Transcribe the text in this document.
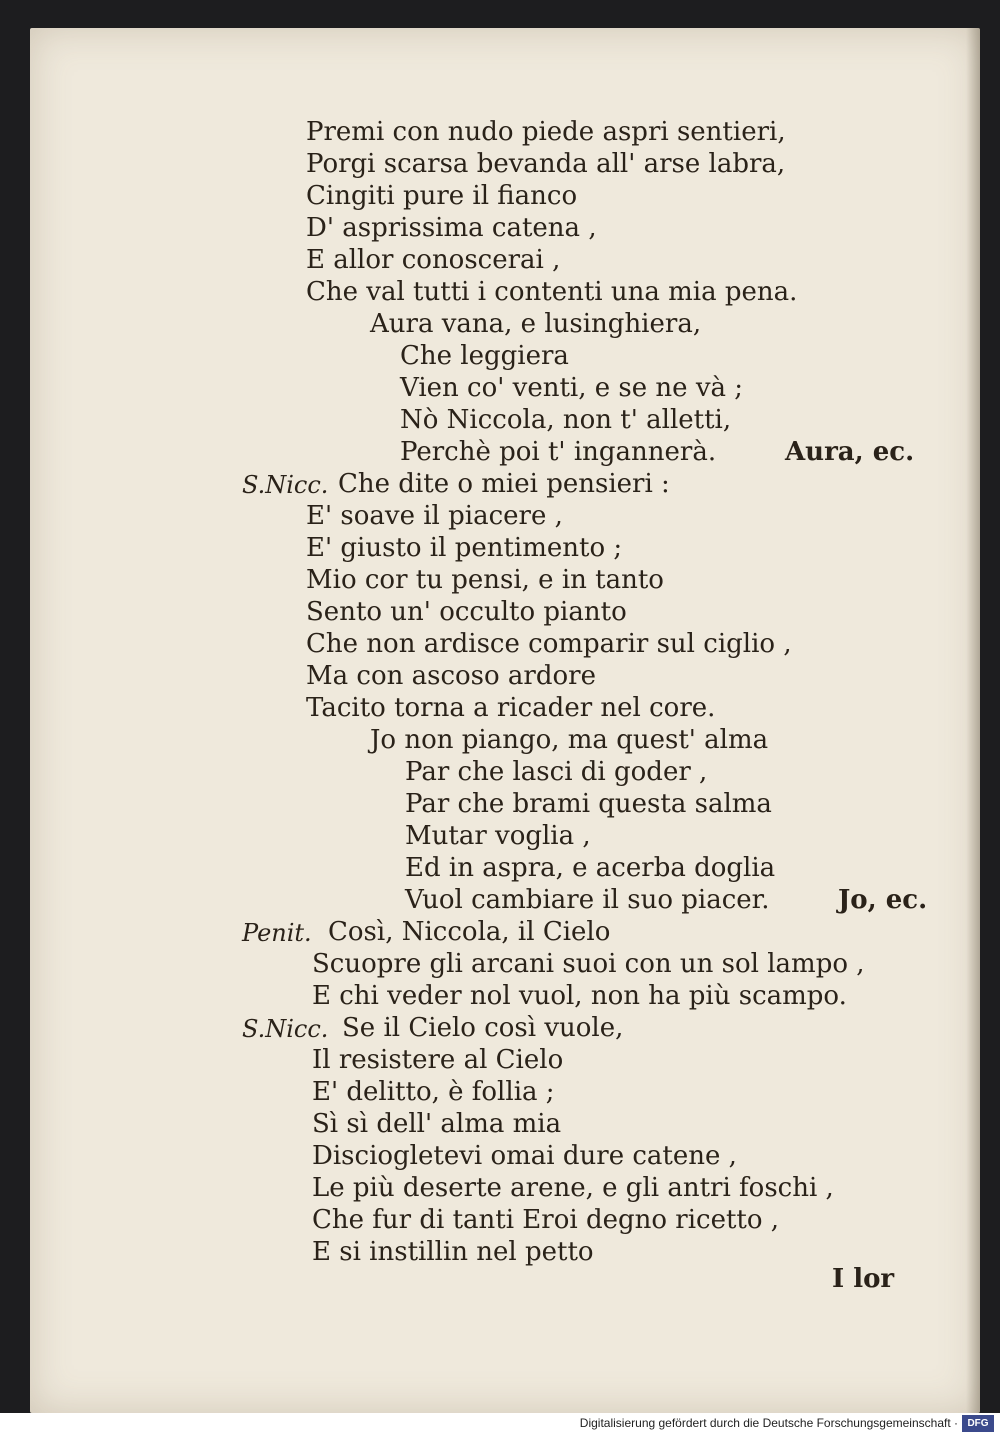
Premi con nudo piede aspri sentieri,
Porgi scarsa bevanda all' arse labra,
Cingiti pure il fianco
D' asprissima catena ,
E allor conoscerai ,
Che val tutti i contenti una mia pena.
Aura vana, e lusinghiera,
Che leggiera
Vien co' venti, e se ne và ;
Nò Niccola, non t' alletti,
Perchè poi t' ingannerà.	Aura, ec.
S.Nicc. Che dite o miei pensieri :
E' soave il piacere ,
E' giusto il pentimento ;
Mio cor tu pensi, e in tanto
Sento un' occulto pianto
Che non ardisce comparir sul ciglio ,
Ma con ascoso ardore
Tacito torna a ricader nel core.
Jo non piango, ma quest' alma
Par che lasci di goder ,
Par che brami questa salma
Mutar voglia ,
Ed in aspra, e acerba doglia
Vuol cambiare il suo piacer.	Jo, ec.
Penit. Così, Niccola, il Cielo
Scuopre gli arcani suoi con un sol lampo ,
E chi veder nol vuol, non ha più scampo.
S.Nicc. Se il Cielo così vuole,
Il resistere al Cielo
E' delitto, è follia ;
Sì sì dell' alma mia
Disciogletevi omai dure catene ,
Le più deserte arene, e gli antri foschi ,
Che fur di tanti Eroi degno ricetto ,
E si instillin nel petto
I lor
Digitalisierung gefördert durch die Deutsche Forschungsgemeinschaft · DFG
